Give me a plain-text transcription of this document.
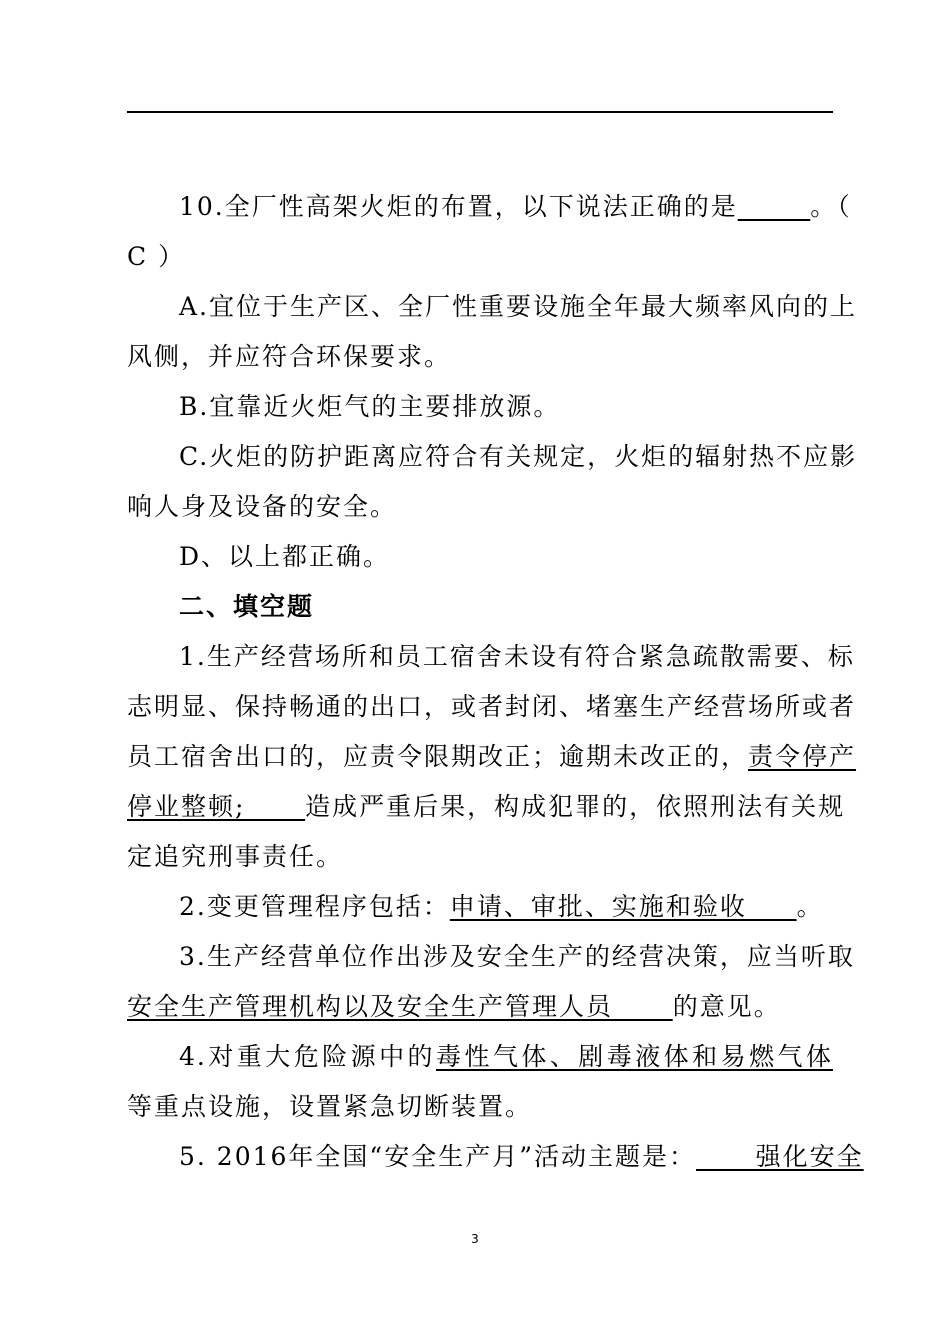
10.全厂性高架火炬的布置，以下说法正确的是_____。（
C ）
A.宜位于生产区、全厂性重要设施全年最大频率风向的上
风侧，并应符合环保要求。
B.宜靠近火炬气的主要排放源。
C.火炬的防护距离应符合有关规定，火炬的辐射热不应影
响人身及设备的安全。
D、以上都正确。
二、填空题
1.生产经营场所和员工宿舍未设有符合紧急疏散需要、标
志明显、保持畅通的出口，或者封闭、堵塞生产经营场所或者
员工宿舍出口的，应责令限期改正；逾期未改正的，责令停产
停业整顿; 造成严重后果，构成犯罪的，依照刑法有关规
定追究刑事责任。
2.变更管理程序包括：申请、审批、实施和验收     。
3.生产经营单位作出涉及安全生产的经营决策，应当听取
安全生产管理机构以及安全生产管理人员      的意见。
4.对重大危险源中的毒性气体、剧毒液体和易燃气体
等重点设施，设置紧急切断装置。
5. 2016年全国“安全生产月”活动主题是：      强化安全
3
